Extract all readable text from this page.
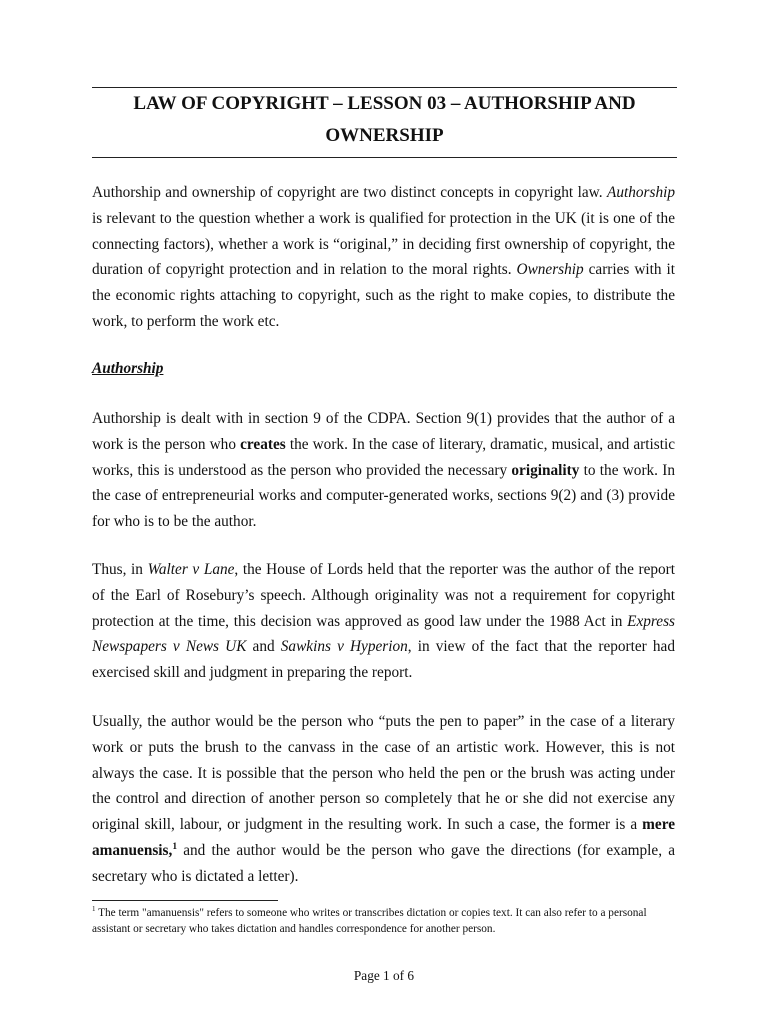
LAW OF COPYRIGHT – LESSON 03 – AUTHORSHIP AND OWNERSHIP

Authorship and ownership of copyright are two distinct concepts in copyright law. Authorship is relevant to the question whether a work is qualified for protection in the UK (it is one of the connecting factors), whether a work is “original,” in deciding first ownership of copyright, the duration of copyright protection and in relation to the moral rights. Ownership carries with it the economic rights attaching to copyright, such as the right to make copies, to distribute the work, to perform the work etc.

Authorship

Authorship is dealt with in section 9 of the CDPA. Section 9(1) provides that the author of a work is the person who creates the work. In the case of literary, dramatic, musical, and artistic works, this is understood as the person who provided the necessary originality to the work. In the case of entrepreneurial works and computer-generated works, sections 9(2) and (3) provide for who is to be the author.

Thus, in Walter v Lane, the House of Lords held that the reporter was the author of the report of the Earl of Rosebury’s speech. Although originality was not a requirement for copyright protection at the time, this decision was approved as good law under the 1988 Act in Express Newspapers v News UK and Sawkins v Hyperion, in view of the fact that the reporter had exercised skill and judgment in preparing the report.

Usually, the author would be the person who “puts the pen to paper” in the case of a literary work or puts the brush to the canvass in the case of an artistic work. However, this is not always the case. It is possible that the person who held the pen or the brush was acting under the control and direction of another person so completely that he or she did not exercise any original skill, labour, or judgment in the resulting work. In such a case, the former is a mere amanuensis,$^1$ and the author would be the person who gave the directions (for example, a secretary who is dictated a letter).

$^1$ The term "amanuensis" refers to someone who writes or transcribes dictation or copies text. It can also refer to a personal assistant or secretary who takes dictation and handles correspondence for another person.

Page 1 of 6
